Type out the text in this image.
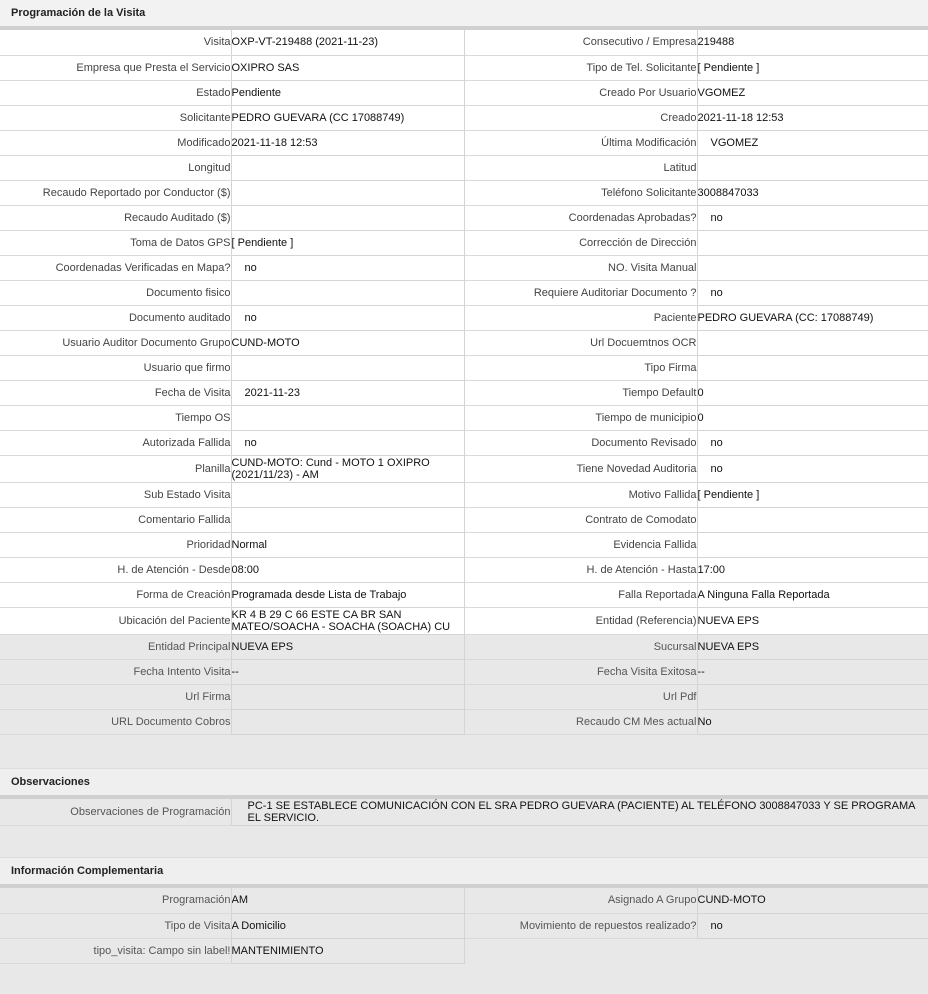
Programación de la Visita
Visita	OXP-VT-219488 (2021-11-23)	Consecutivo / Empresa	219488

Empresa que Presta el Servicio	OXIPRO SAS	Tipo de Tel. Solicitante	[ Pendiente ]

Estado	Pendiente	Creado Por Usuario	VGOMEZ

Solicitante	PEDRO GUEVARA (CC 17088749)	Creado	2021-11-18 12:53

Modificado	2021-11-18 12:53	Última Modificación	VGOMEZ

Longitud		Latitud	

Recaudo Reportado por Conductor ($)		Teléfono Solicitante	3008847033

Recaudo Auditado ($)		Coordenadas Aprobadas?	no

Toma de Datos GPS	[ Pendiente ]	Corrección de Dirección	

Coordenadas Verificadas en Mapa?	no	NO. Visita Manual	

Documento fisico		Requiere Auditoriar Documento ?	no

Documento auditado	no	Paciente	PEDRO GUEVARA (CC: 17088749)

Usuario Auditor Documento Grupo	CUND-MOTO	Url Docuemtnos OCR	

Usuario que firmo		Tipo Firma	

Fecha de Visita	2021-11-23	Tiempo Default	0

Tiempo OS		Tiempo de municipio	0

Autorizada Fallida	no	Documento Revisado	no

Planilla	CUND-MOTO: Cund - MOTO 1 OXIPRO (2021/11/23) - AM	Tiene Novedad Auditoria	no

Sub Estado Visita		Motivo Fallida	[ Pendiente ]

Comentario Fallida		Contrato de Comodato	

Prioridad	Normal	Evidencia Fallida	

H. de Atención - Desde	08:00	H. de Atención - Hasta	17:00

Forma de Creación	Programada desde Lista de Trabajo	Falla Reportada	A Ninguna Falla Reportada

Ubicación del Paciente	KR 4 B 29 C 66 ESTE CA BR SAN MATEO/SOACHA - SOACHA (SOACHA) CU	Entidad (Referencia)	NUEVA EPS

Entidad Principal	NUEVA EPS	Sucursal	NUEVA EPS

Fecha Intento Visita	--	Fecha Visita Exitosa	--

Url Firma		Url Pdf	

URL Documento Cobros		Recaudo CM Mes actual	No
Observaciones
Observaciones de Programación	PC-1 SE ESTABLECE COMUNICACIÓN CON EL SRA PEDRO GUEVARA (PACIENTE) AL TELÉFONO 3008847033 Y SE PROGRAMA EL SERVICIO.
Información Complementaria
Programación	AM	Asignado A Grupo	CUND-MOTO

Tipo de Visita	A Domicilio	Movimiento de repuestos realizado?	no

tipo_visita: Campo sin label!	MANTENIMIENTO		
